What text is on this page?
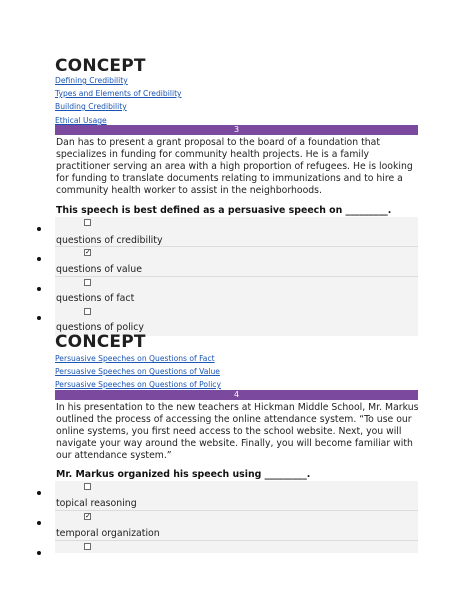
CONCEPT
Defining Credibility
Types and Elements of Credibility
Building Credibility
Ethical Usage
3
Dan has to present a grant proposal to the board of a foundation that specializes in funding for community health projects. He is a family practitioner serving an area with a high proportion of refugees. He is looking for funding to translate documents relating to immunizations and to hire a community health worker to assist in the neighborhoods.
This speech is best defined as a persuasive speech on _________.
questions of credibility
✓
questions of value
questions of fact
questions of policy
CONCEPT
Persuasive Speeches on Questions of Fact
Persuasive Speeches on Questions of Value
Persuasive Speeches on Questions of Policy
4
In his presentation to the new teachers at Hickman Middle School, Mr. Markus outlined the process of accessing the online attendance system. “To use our online systems, you first need access to the school website. Next, you will navigate your way around the website. Finally, you will become familiar with our attendance system.”
Mr. Markus organized his speech using _________.
topical reasoning
✓
temporal organization
